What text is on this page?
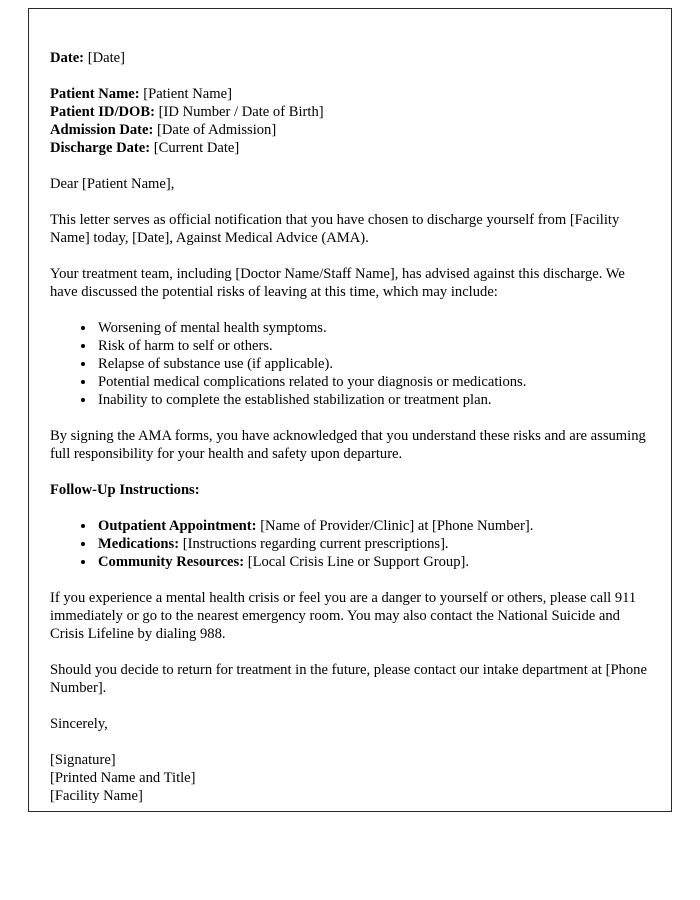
Date: [Date]
Patient Name: [Patient Name]
Patient ID/DOB: [ID Number / Date of Birth]
Admission Date: [Date of Admission]
Discharge Date: [Current Date]
Dear [Patient Name],
This letter serves as official notification that you have chosen to discharge yourself from [Facility Name] today, [Date], Against Medical Advice (AMA).
Your treatment team, including [Doctor Name/Staff Name], has advised against this discharge. We have discussed the potential risks of leaving at this time, which may include:
• Worsening of mental health symptoms.
• Risk of harm to self or others.
• Relapse of substance use (if applicable).
• Potential medical complications related to your diagnosis or medications.
• Inability to complete the established stabilization or treatment plan.
By signing the AMA forms, you have acknowledged that you understand these risks and are assuming full responsibility for your health and safety upon departure.
Follow-Up Instructions:
• Outpatient Appointment: [Name of Provider/Clinic] at [Phone Number].
• Medications: [Instructions regarding current prescriptions].
• Community Resources: [Local Crisis Line or Support Group].
If you experience a mental health crisis or feel you are a danger to yourself or others, please call 911 immediately or go to the nearest emergency room. You may also contact the National Suicide and Crisis Lifeline by dialing 988.
Should you decide to return for treatment in the future, please contact our intake department at [Phone Number].
Sincerely,
[Signature]
[Printed Name and Title]
[Facility Name]
